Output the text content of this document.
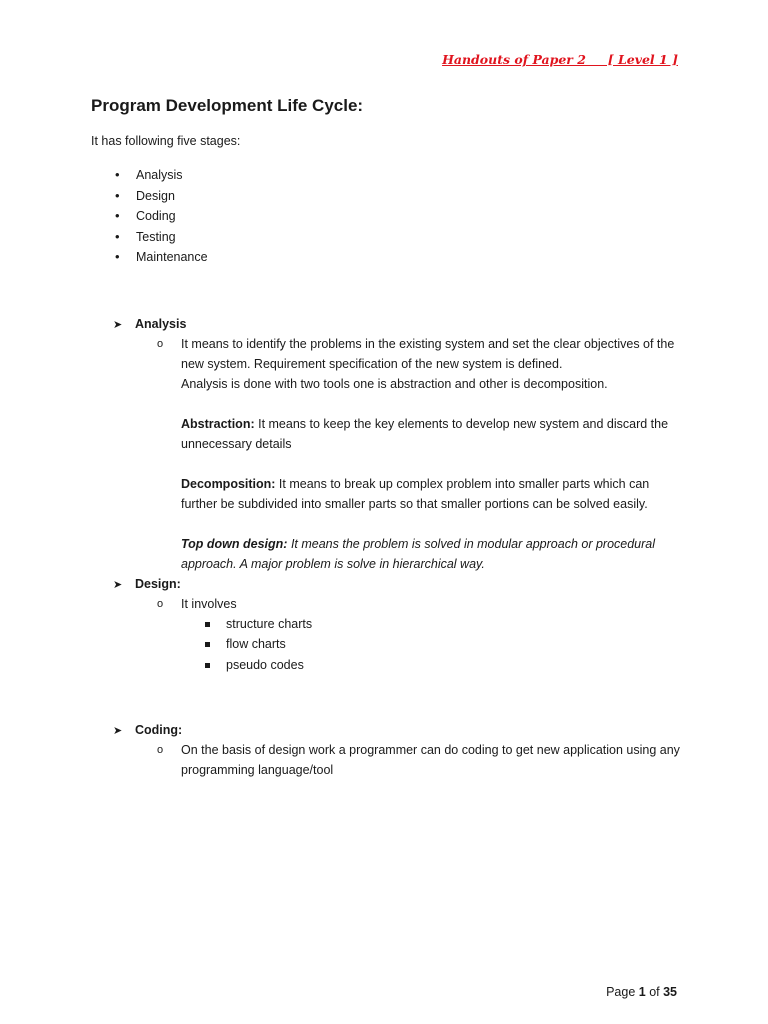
Handouts of Paper 2     [ Level 1 ]
Program Development Life Cycle:
It has following five stages:
• Analysis
• Design
• Coding
• Testing
• Maintenance
➤ Analysis
o It means to identify the problems in the existing system and set the clear objectives of the new system. Requirement specification of the new system is defined.
Analysis is done with two tools one is abstraction and other is decomposition.
Abstraction: It means to keep the key elements to develop new system and discard the unnecessary details
Decomposition: It means to break up complex problem into smaller parts which can further be subdivided into smaller parts so that smaller portions can be solved easily.
Top down design: It means the problem is solved in modular approach or procedural approach. A major problem is solve in hierarchical way.
➤ Design:
o It involves
structure charts
flow charts
pseudo codes
➤ Coding:
o On the basis of design work a programmer can do coding to get new application using any programming language/tool
Page 1 of 35
